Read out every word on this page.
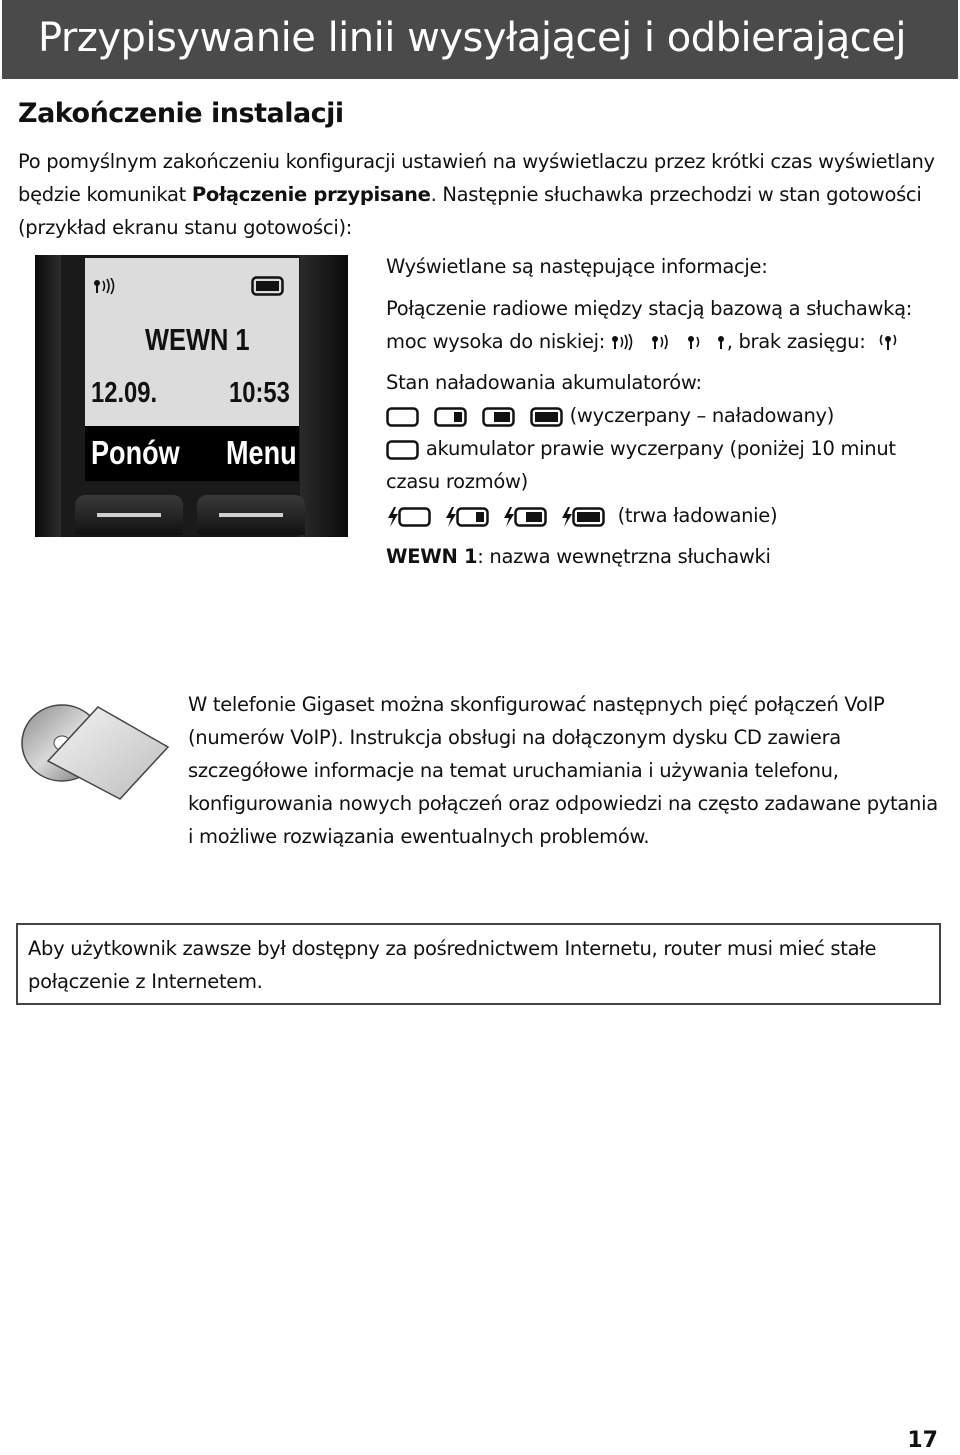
Przypisywanie linii wysyłającej i odbierającej
Zakończenie instalacji

Po pomyślnym zakończeniu konfiguracji ustawień na wyświetlaczu przez krótki czas wyświetlany będzie komunikat Połączenie przypisane. Następnie słuchawka przechodzi w stan gotowości (przykład ekranu stanu gotowości):

WEWN 1
12.09. 10:53
Ponów Menu
Wyświetlane są następujące informacje:
Połączenie radiowe między stacją bazową a słuchawką:
moc wysoka do niskiej:	, brak zasięgu:
Stan naładowania akumulatorów:
(wyczerpany – naładowany)
akumulator prawie wyczerpany (poniżej 10 minut
czasu rozmów)
(trwa ładowanie)
WEWN 1: nazwa wewnętrzna słuchawki

W telefonie Gigaset można skonfigurować następnych pięć połączeń VoIP (numerów VoIP). Instrukcja obsługi na dołączonym dysku CD zawiera szczegółowe informacje na temat uruchamiania i używania telefonu, konfigurowania nowych połączeń oraz odpowiedzi na często zadawane pytania i możliwe rozwiązania ewentualnych problemów.

Aby użytkownik zawsze był dostępny za pośrednictwem Internetu, router musi mieć stałe połączenie z Internetem.

17
